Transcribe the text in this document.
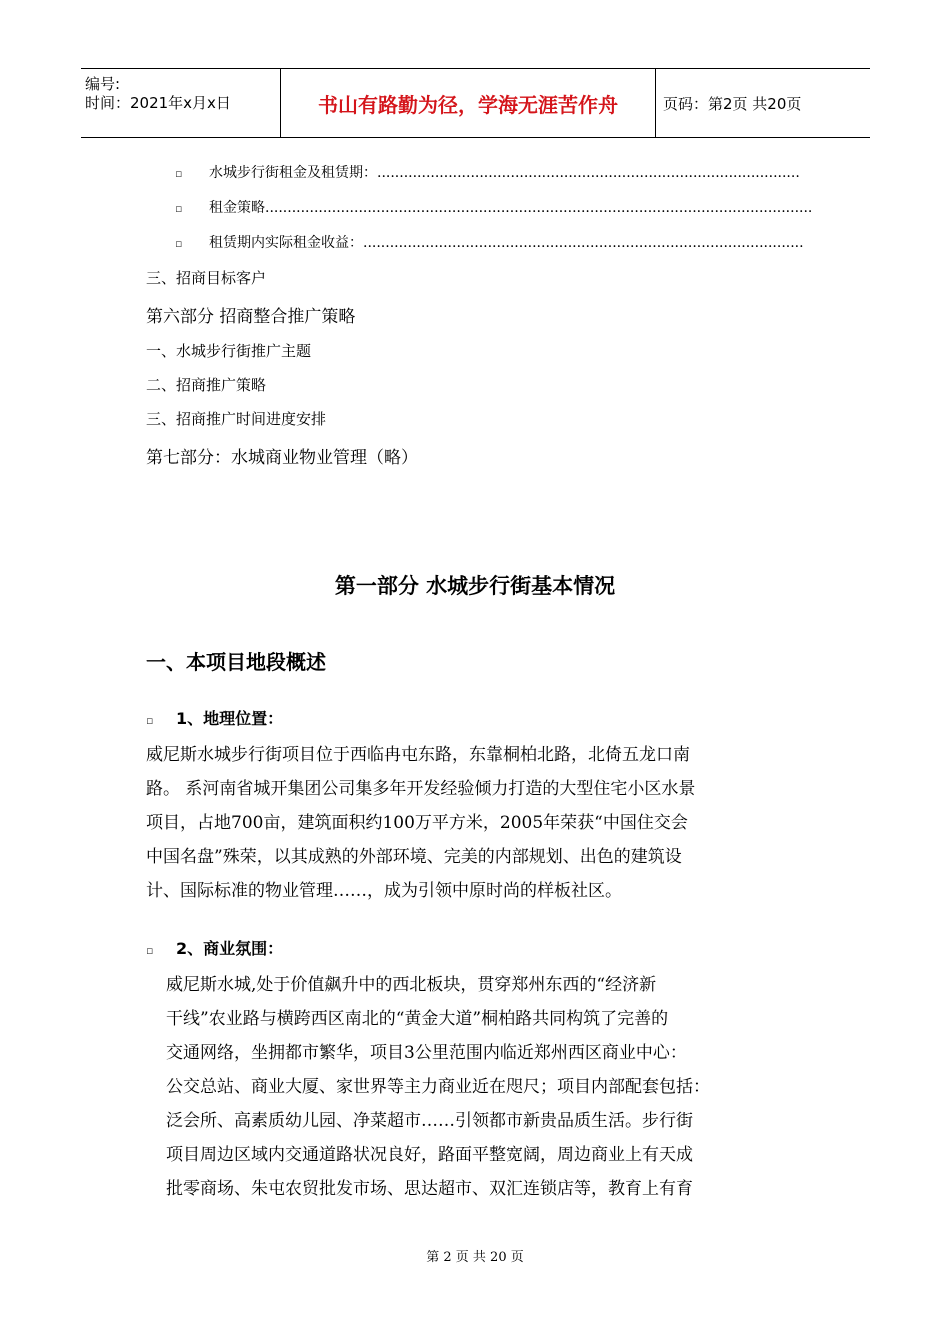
编号:
时间：2021年x月x日	书山有路勤为径，学海无涯苦作舟	页码：第2页 共20页
▫	水城步行街租金及租赁期：...............................................................................................
▫	租金策略...........................................................................................................................
▫	租赁期内实际租金收益：...................................................................................................
三、招商目标客户
第六部分 招商整合推广策略
一、水城步行街推广主题
二、招商推广策略
三、招商推广时间进度安排
第七部分：水城商业物业管理（略）
第一部分 水城步行街基本情况
一、本项目地段概述
▫	1、地理位置：
威尼斯水城步行街项目位于西临冉屯东路，东靠桐柏北路，北倚五龙口南
路。 系河南省城开集团公司集多年开发经验倾力打造的大型住宅小区水景
项目，占地700亩，建筑面积约100万平方米，2005年荣获“中国住交会
中国名盘”殊荣，以其成熟的外部环境、完美的内部规划、出色的建筑设
计、国际标准的物业管理……，成为引领中原时尚的样板社区。
▫	2、商业氛围：
威尼斯水城,处于价值飙升中的西北板块，贯穿郑州东西的“经济新
干线”农业路与横跨西区南北的“黄金大道”桐柏路共同构筑了完善的
交通网络，坐拥都市繁华，项目3公里范围内临近郑州西区商业中心：
公交总站、商业大厦、家世界等主力商业近在咫尺；项目内部配套包括：
泛会所、高素质幼儿园、净菜超市……引领都市新贵品质生活。步行街
项目周边区域内交通道路状况良好，路面平整宽阔，周边商业上有天成
批零商场、朱屯农贸批发市场、思达超市、双汇连锁店等，教育上有育
第 2 页 共 20 页
